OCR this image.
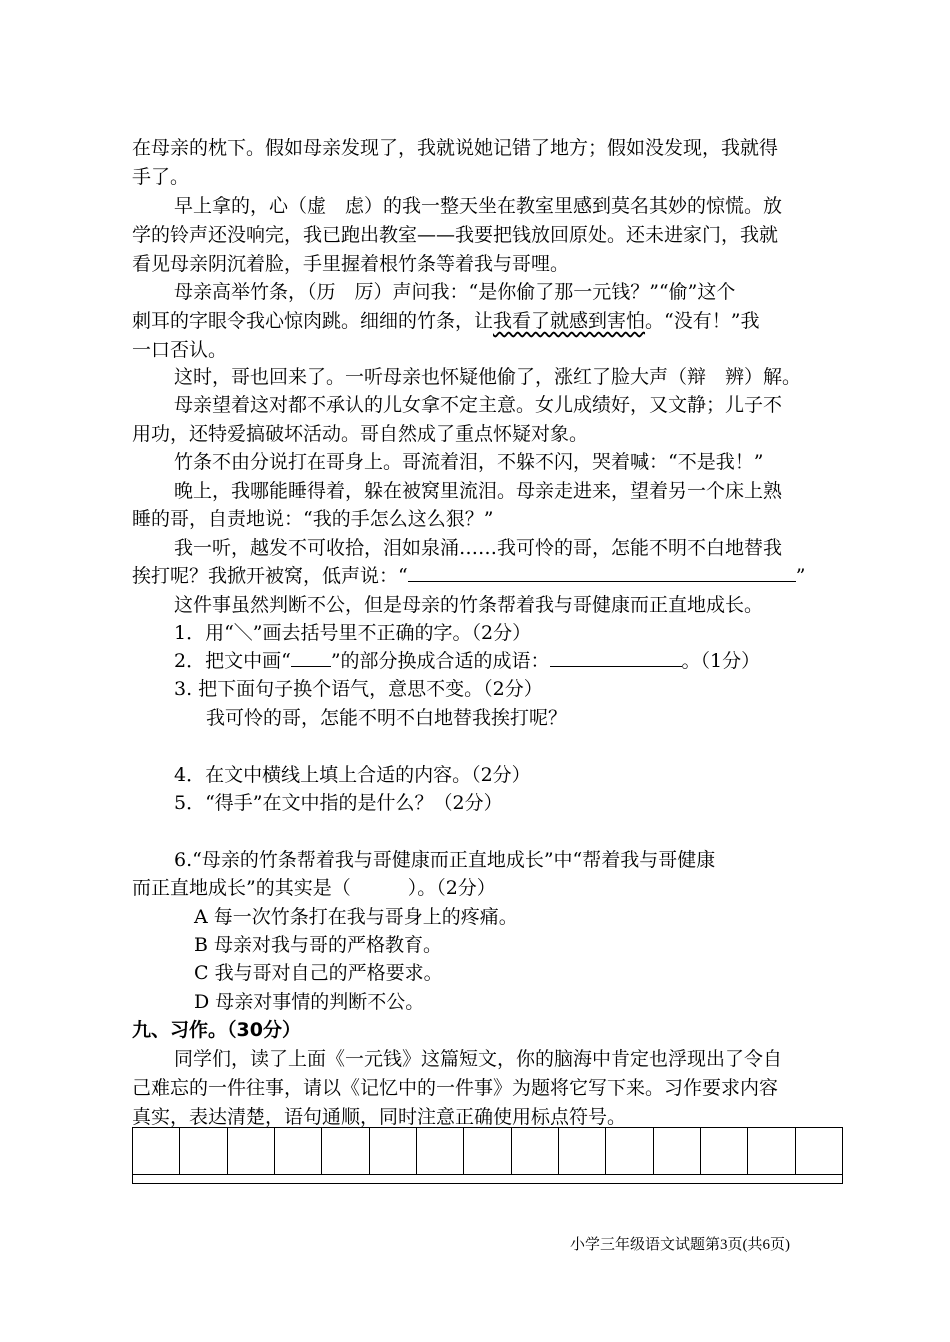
在母亲的枕下。假如母亲发现了，我就说她记错了地方；假如没发现，我就得
手了。
早上拿的，心（虚　虑）的我一整天坐在教室里感到莫名其妙的惊慌。放
学的铃声还没响完，我已跑出教室——我要把钱放回原处。还未进家门，我就
看见母亲阴沉着脸，手里握着根竹条等着我与哥哩。
母亲高举竹条，（历　厉）声问我：“是你偷了那一元钱？”“偷”这个
刺耳的字眼令我心惊肉跳。细细的竹条，让我看了就感到害怕。“没有！”我
一口否认。
这时，哥也回来了。一听母亲也怀疑他偷了，涨红了脸大声（辩　辨）解。
母亲望着这对都不承认的儿女拿不定主意。女儿成绩好，又文静；儿子不
用功，还特爱搞破坏活动。哥自然成了重点怀疑对象。
竹条不由分说打在哥身上。哥流着泪，不躲不闪，哭着喊：“不是我！”
晚上，我哪能睡得着，躲在被窝里流泪。母亲走进来，望着另一个床上熟
睡的哥，自责地说：“我的手怎么这么狠？”
我一听，越发不可收拾，泪如泉涌……我可怜的哥，怎能不明不白地替我
挨打呢？我掀开被窝，低声说：“	”
这件事虽然判断不公，但是母亲的竹条帮着我与哥健康而正直地成长。
1．用“＼”画去括号里不正确的字。（2分）
2．把文中画“ ”的部分换成合适的成语：	。（1分）
3. 把下面句子换个语气，意思不变。（2分）
我可怜的哥，怎能不明不白地替我挨打呢？
4．在文中横线上填上合适的内容。（2分）
5．“得手”在文中指的是什么？（2分）
6.“母亲的竹条帮着我与哥健康而正直地成长”中“帮着我与哥健康
而正直地成长”的其实是（　　　）。（2分）
A 每一次竹条打在我与哥身上的疼痛。
B 母亲对我与哥的严格教育。
C 我与哥对自己的严格要求。
D 母亲对事情的判断不公。
九、习作。（30分）
同学们，读了上面《一元钱》这篇短文，你的脑海中肯定也浮现出了令自
己难忘的一件往事，请以《记忆中的一件事》为题将它写下来。习作要求内容
真实，表达清楚，语句通顺，同时注意正确使用标点符号。
小学三年级语文试题第3页(共6页)
